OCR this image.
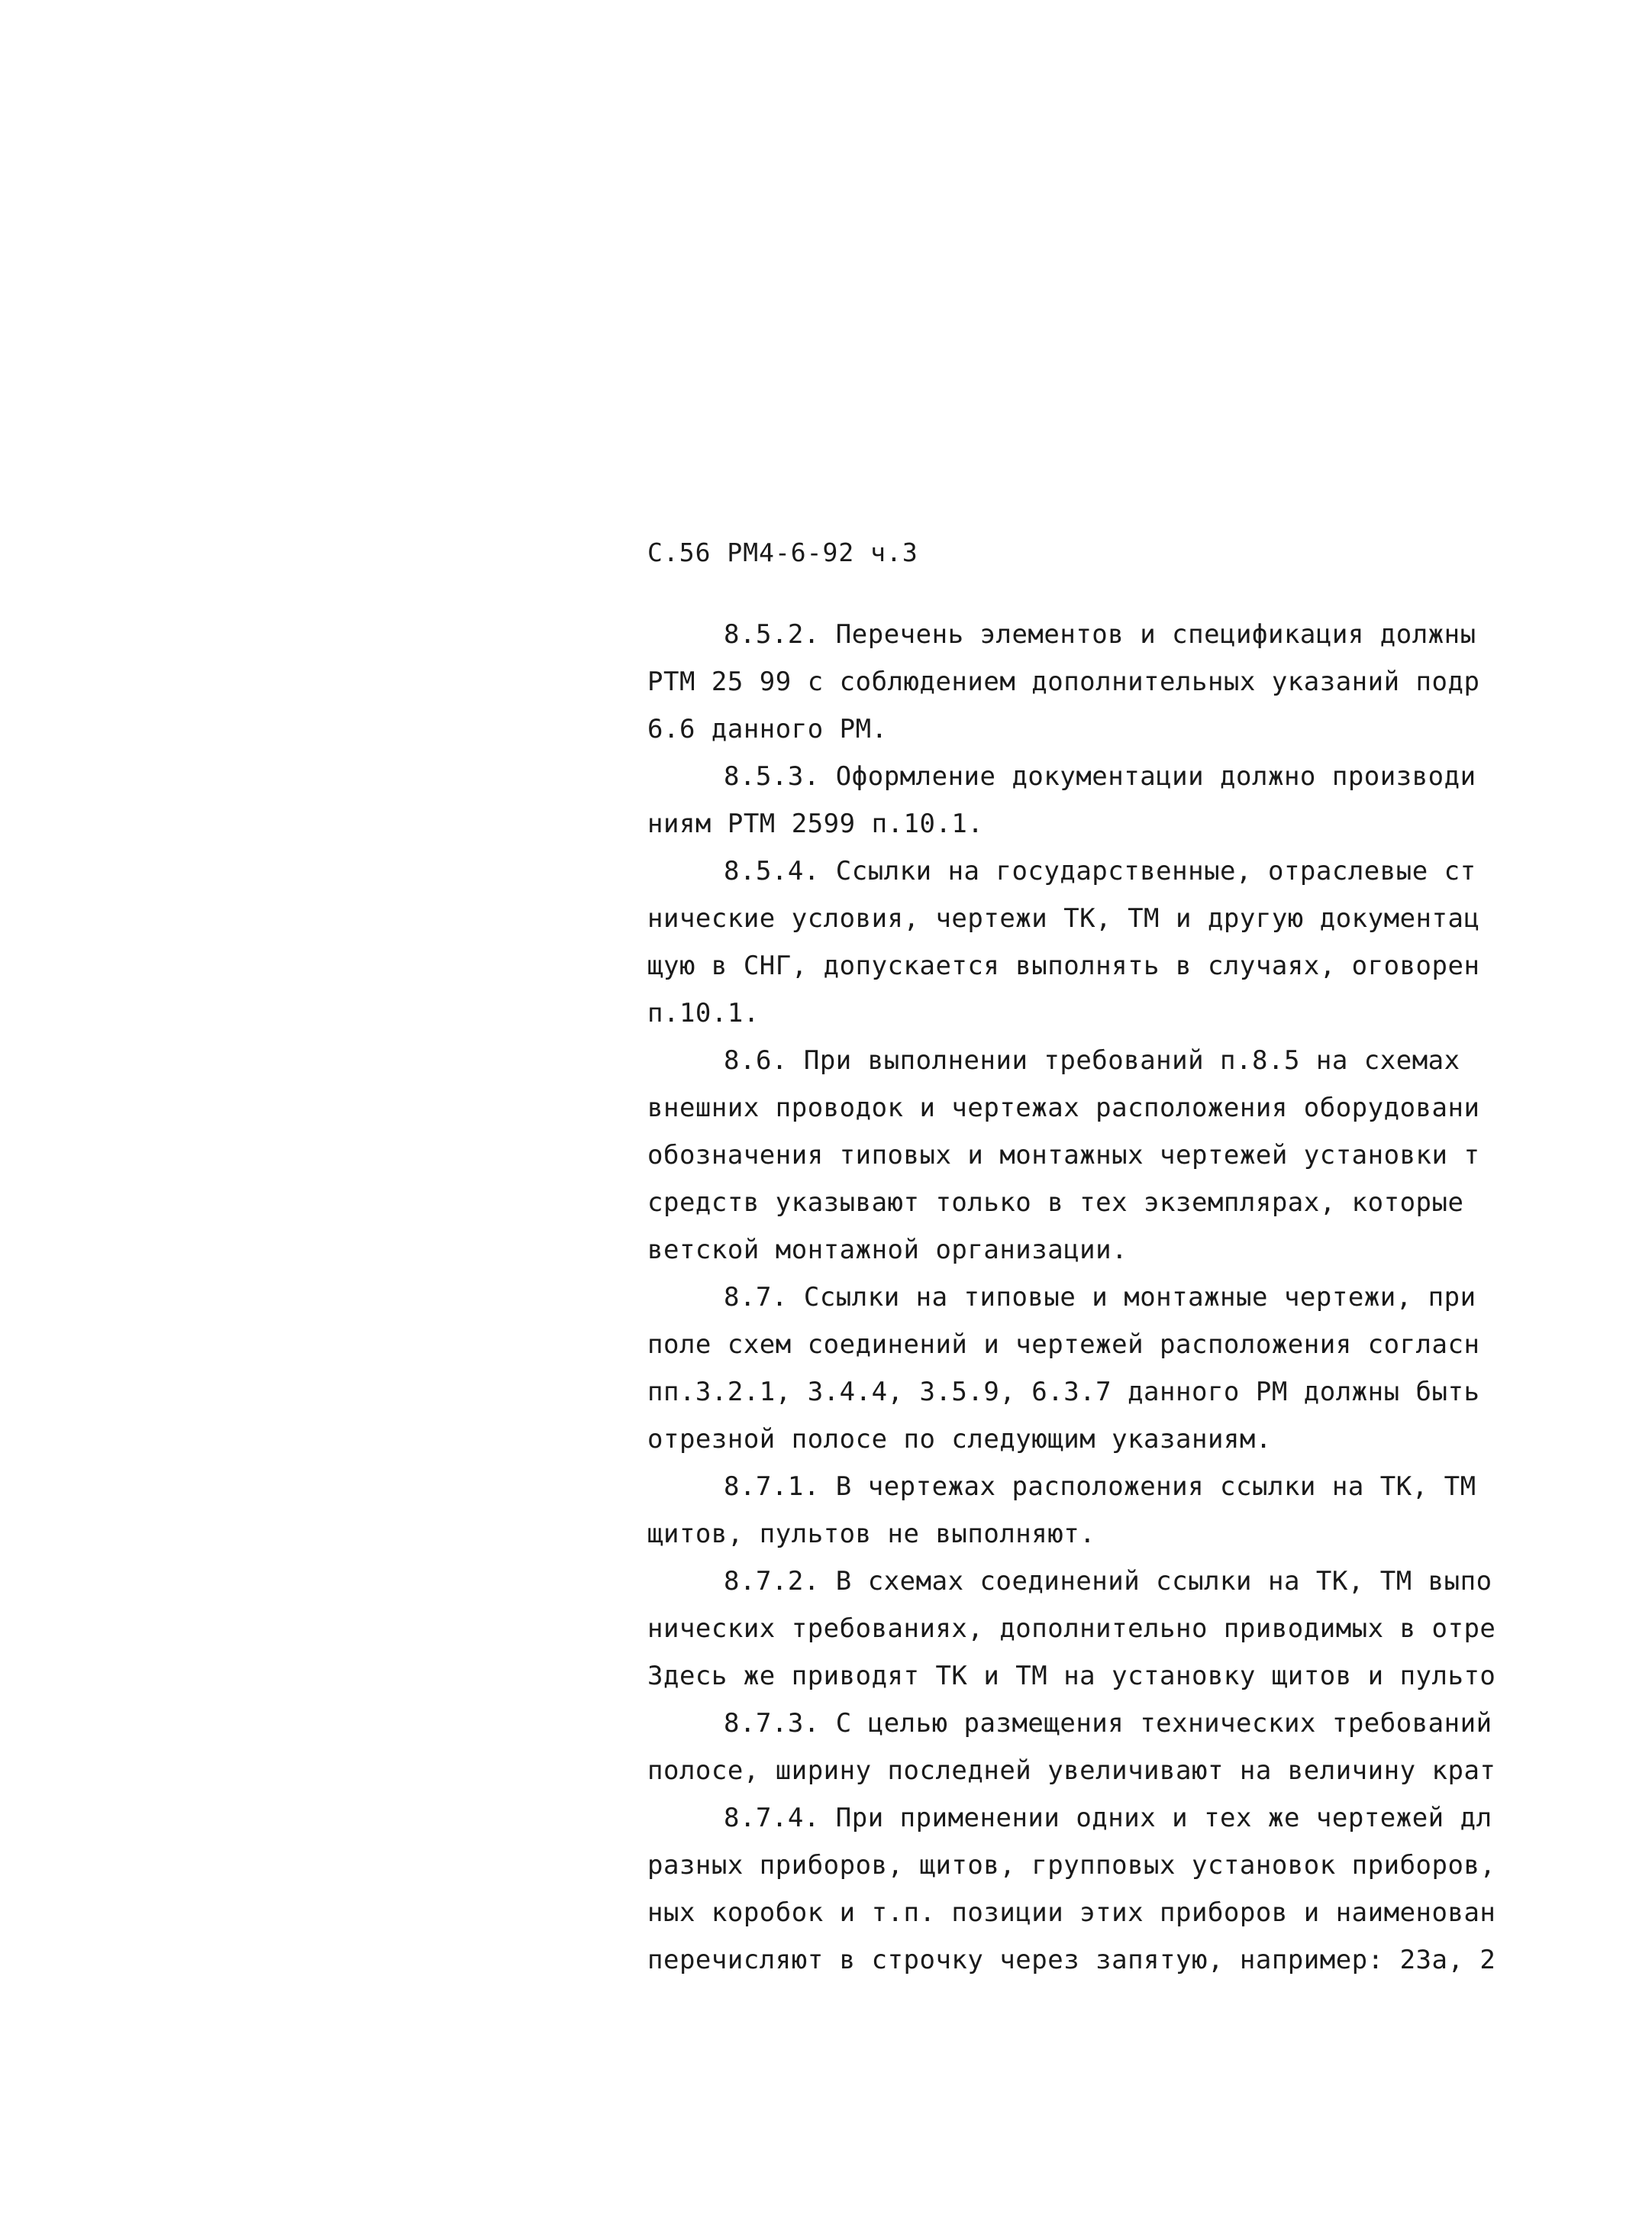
С.56 РМ4-6-92 ч.3
8.5.2. Перечень элементов и спецификация должны
РТМ 25 99 с соблюдением дополнительных указаний подр
6.6 данного РМ.
8.5.3. Оформление документации должно производи
ниям РТМ 2599 п.10.1.
8.5.4. Ссылки на государственные, отраслевые ст
нические условия, чертежи ТК, ТМ и другую документац
щую в СНГ, допускается выполнять в случаях, оговорен
п.10.1.
8.6. При выполнении требований п.8.5 на схемах
внешних проводок и чертежах расположения оборудовани
обозначения типовых и монтажных чертежей установки т
средств указывают только в тех экземплярах, которые
ветской монтажной организации.
8.7. Ссылки на типовые и монтажные чертежи, при
поле схем соединений и чертежей расположения согласн
пп.3.2.1, 3.4.4, 3.5.9, 6.3.7 данного РМ должны быть
отрезной полосе по следующим указаниям.
8.7.1. В чертежах расположения ссылки на ТК, ТМ
щитов, пультов не выполняют.
8.7.2. В схемах соединений ссылки на ТК, ТМ выпо
нических требованиях, дополнительно приводимых в отре
Здесь же приводят ТК и ТМ на установку щитов и пульто
8.7.3. С целью размещения технических требований
полосе, ширину последней увеличивают на величину крат
8.7.4. При применении одних и тех же чертежей дл
разных приборов, щитов, групповых установок приборов,
ных коробок и т.п. позиции этих приборов и наименован
перечисляют в строчку через запятую, например: 23а, 2
